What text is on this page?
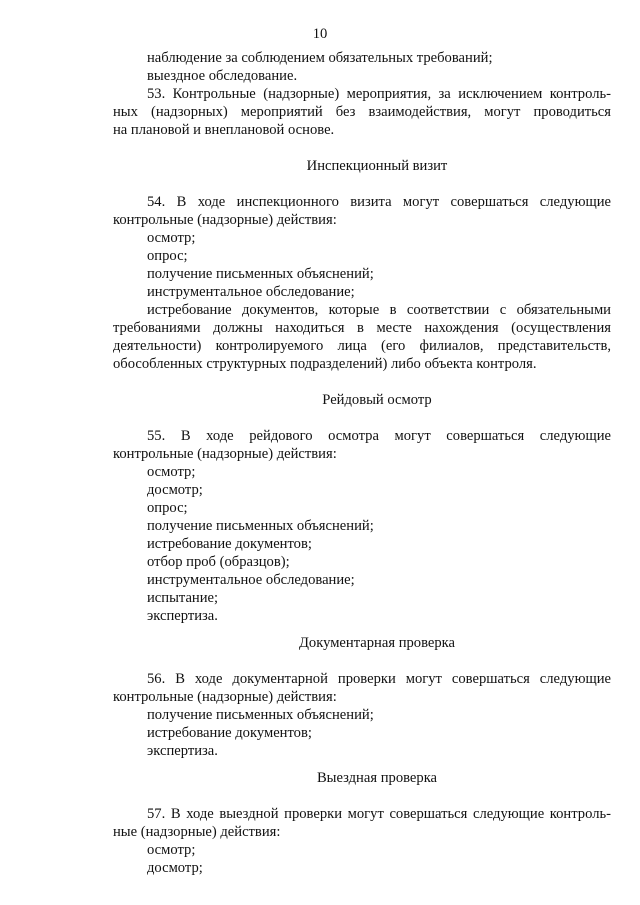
10
наблюдение за соблюдением обязательных требований;
выездное обследование.
53. Контрольные (надзорные) мероприятия, за исключением контроль-
ных (надзорных) мероприятий без взаимодействия, могут проводиться
на плановой и внеплановой основе.
Инспекционный визит
54. В ходе инспекционного визита могут совершаться следующие
контрольные (надзорные) действия:
осмотр;
опрос;
получение письменных объяснений;
инструментальное обследование;
истребование документов, которые в соответствии с обязательными
требованиями должны находиться в месте нахождения (осуществления
деятельности) контролируемого лица (его филиалов, представительств,
обособленных структурных подразделений) либо объекта контроля.
Рейдовый осмотр
55. В ходе рейдового осмотра могут совершаться следующие
контрольные (надзорные) действия:
осмотр;
досмотр;
опрос;
получение письменных объяснений;
истребование документов;
отбор проб (образцов);
инструментальное обследование;
испытание;
экспертиза.
Документарная проверка
56. В ходе документарной проверки могут совершаться следующие
контрольные (надзорные) действия:
получение письменных объяснений;
истребование документов;
экспертиза.
Выездная проверка
57. В ходе выездной проверки могут совершаться следующие контроль-
ные (надзорные) действия:
осмотр;
досмотр;
